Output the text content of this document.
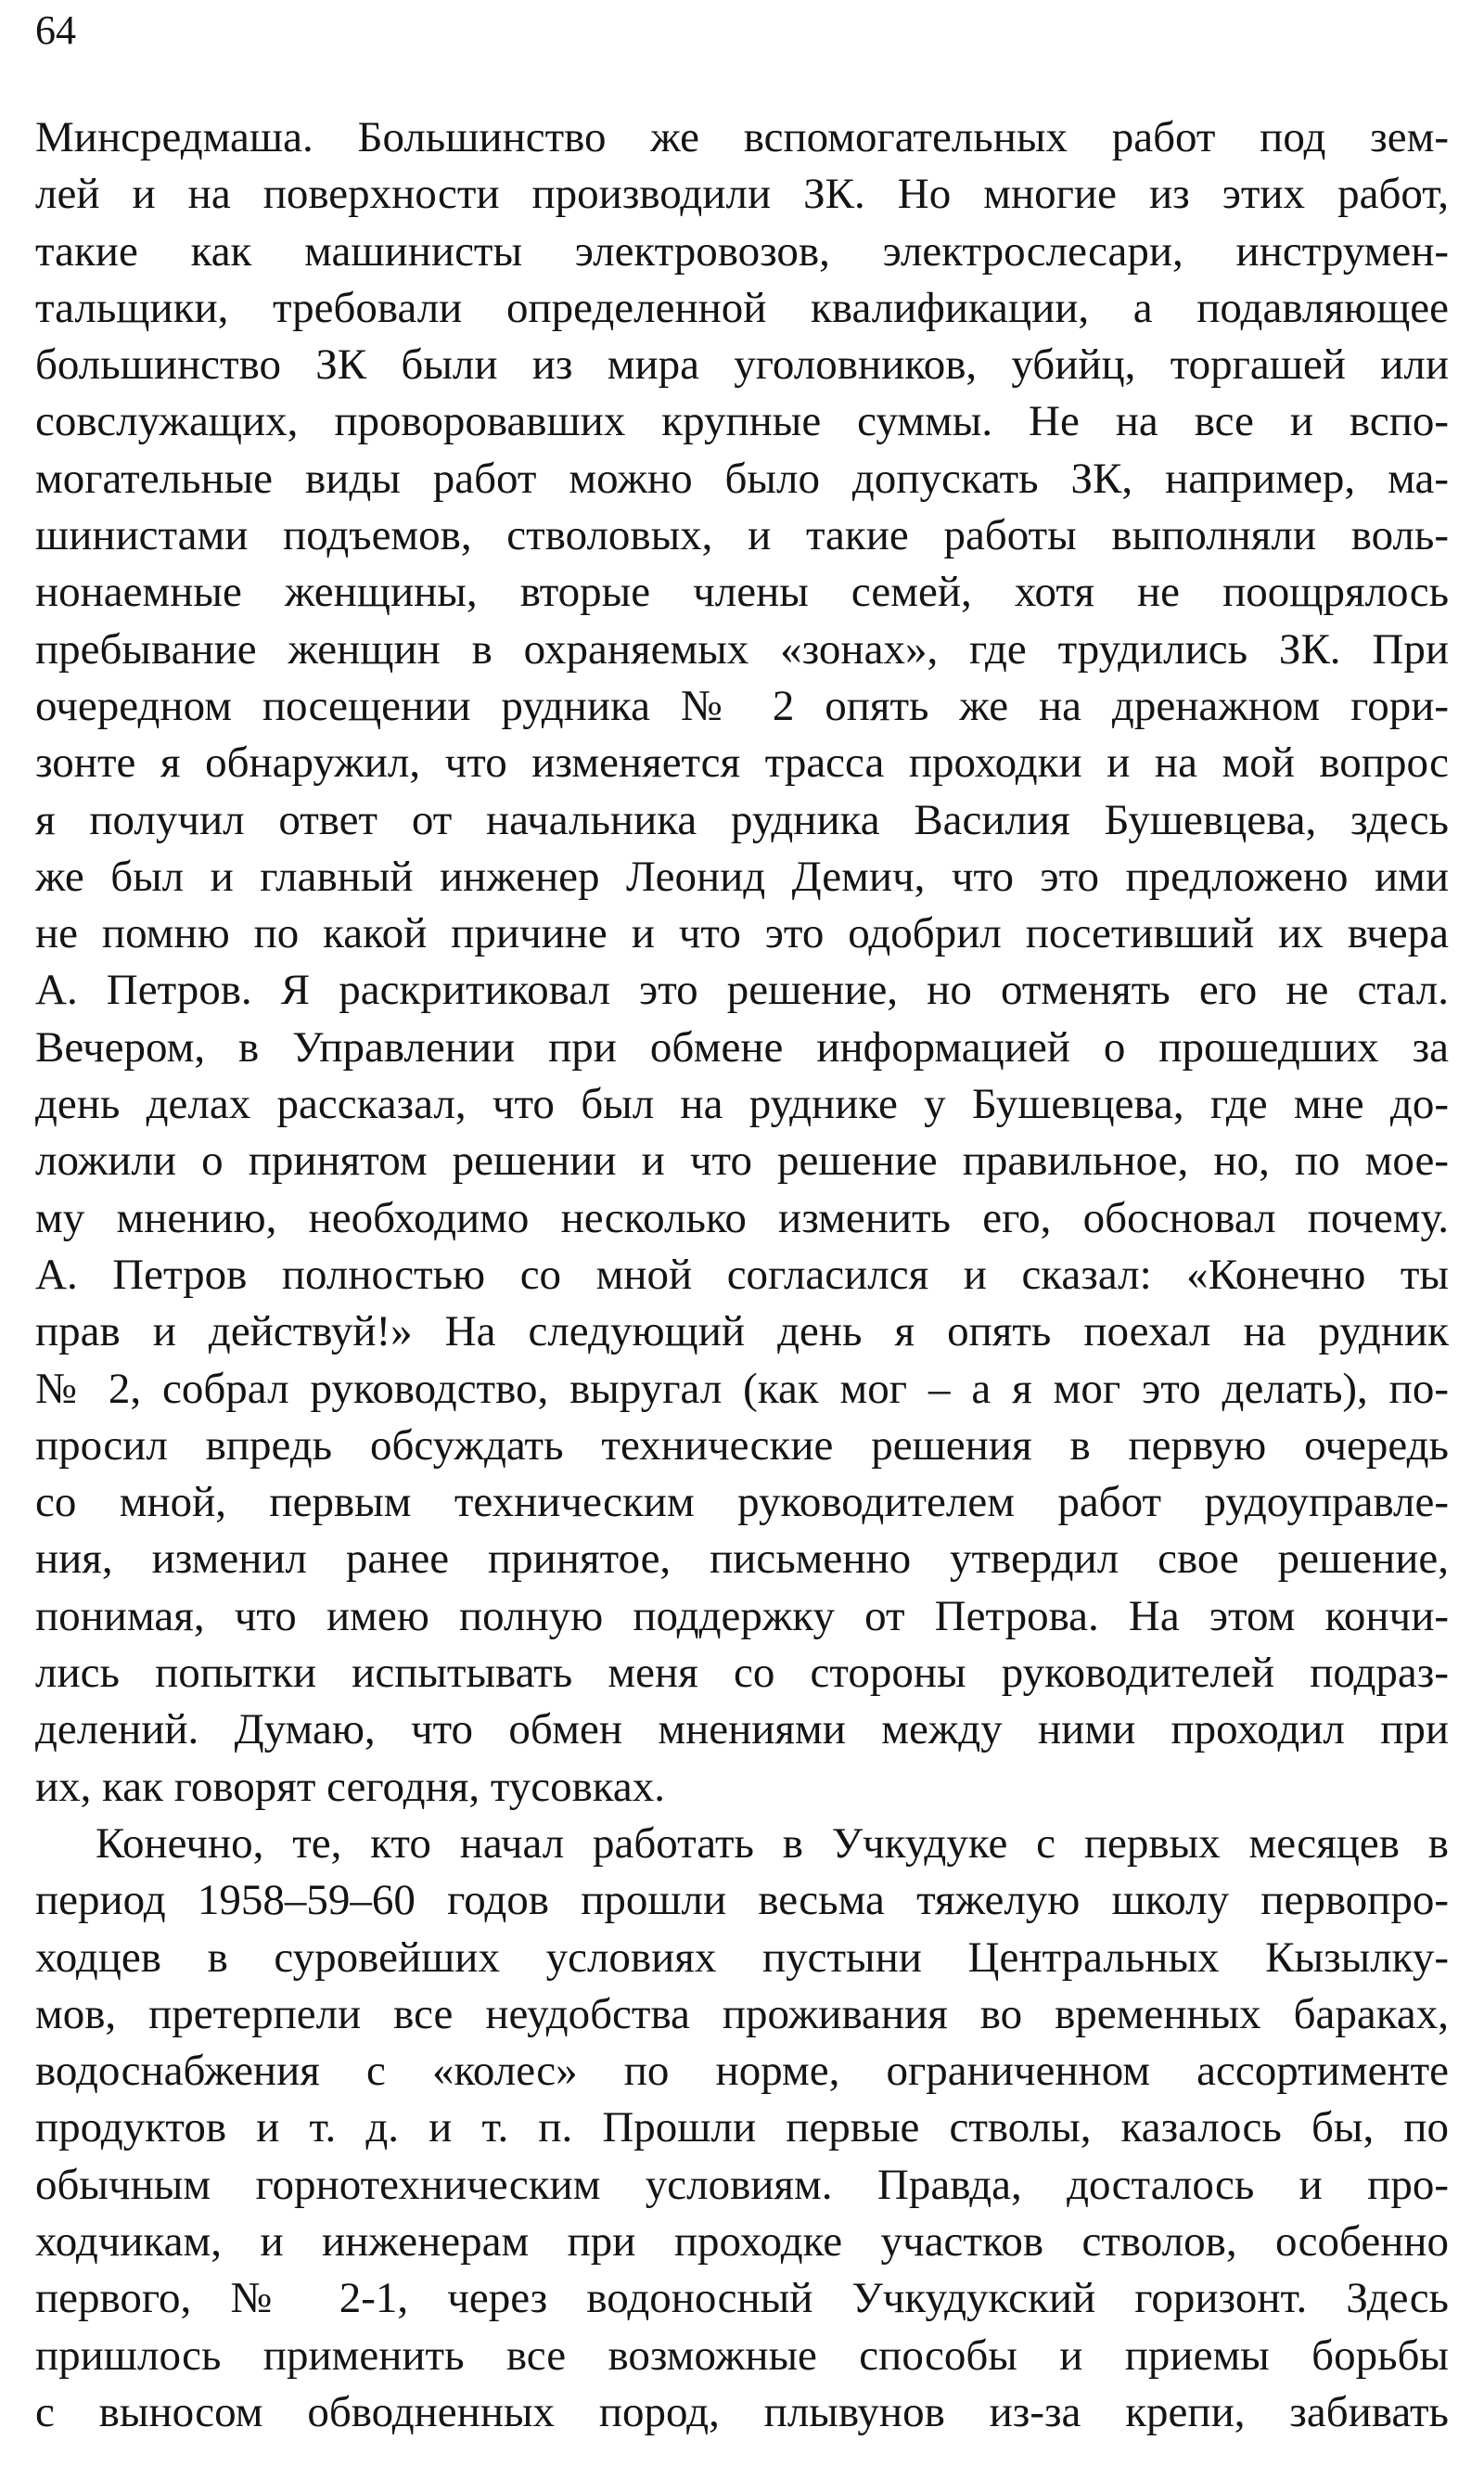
64
Минсредмаша. Большинство же вспомогательных работ под зем-
лей и на поверхности производили ЗК. Но многие из этих работ,
такие как машинисты электровозов, электрослесари, инструмен-
тальщики, требовали определенной квалификации, а подавляющее
большинство ЗК были из мира уголовников, убийц, торгашей или
совслужащих, проворовавших крупные суммы. Не на все и вспо-
могательные виды работ можно было допускать ЗК, например, ма-
шинистами подъемов, стволовых, и такие работы выполняли воль-
нонаемные женщины, вторые члены семей, хотя не поощрялось
пребывание женщин в охраняемых «зонах», где трудились ЗК. При
очередном посещении рудника № 2 опять же на дренажном гори-
зонте я обнаружил, что изменяется трасса проходки и на мой вопрос
я получил ответ от начальника рудника Василия Бушевцева, здесь
же был и главный инженер Леонид Демич, что это предложено ими
не помню по какой причине и что это одобрил посетивший их вчера
А. Петров. Я раскритиковал это решение, но отменять его не стал.
Вечером, в Управлении при обмене информацией о прошедших за
день делах рассказал, что был на руднике у Бушевцева, где мне до-
ложили о принятом решении и что решение правильное, но, по мое-
му мнению, необходимо несколько изменить его, обосновал почему.
А. Петров полностью со мной согласился и сказал: «Конечно ты
прав и действуй!» На следующий день я опять поехал на рудник
№ 2, собрал руководство, выругал (как мог – а я мог это делать), по-
просил впредь обсуждать технические решения в первую очередь
со мной, первым техническим руководителем работ рудоуправле-
ния, изменил ранее принятое, письменно утвердил свое решение,
понимая, что имею полную поддержку от Петрова. На этом кончи-
лись попытки испытывать меня со стороны руководителей подраз-
делений. Думаю, что обмен мнениями между ними проходил при
их, как говорят сегодня, тусовках.
Конечно, те, кто начал работать в Учкудуке с первых месяцев в
период 1958–59–60 годов прошли весьма тяжелую школу первопро-
ходцев в суровейших условиях пустыни Центральных Кызылку-
мов, претерпели все неудобства проживания во временных бараках,
водоснабжения с «колес» по норме, ограниченном ассортименте
продуктов и т. д. и т. п. Прошли первые стволы, казалось бы, по
обычным горнотехническим условиям. Правда, досталось и про-
ходчикам, и инженерам при проходке участков стволов, особенно
первого, № 2-1, через водоносный Учкудукский горизонт. Здесь
пришлось применить все возможные способы и приемы борьбы
с выносом обводненных пород, плывунов из-за крепи, забивать
